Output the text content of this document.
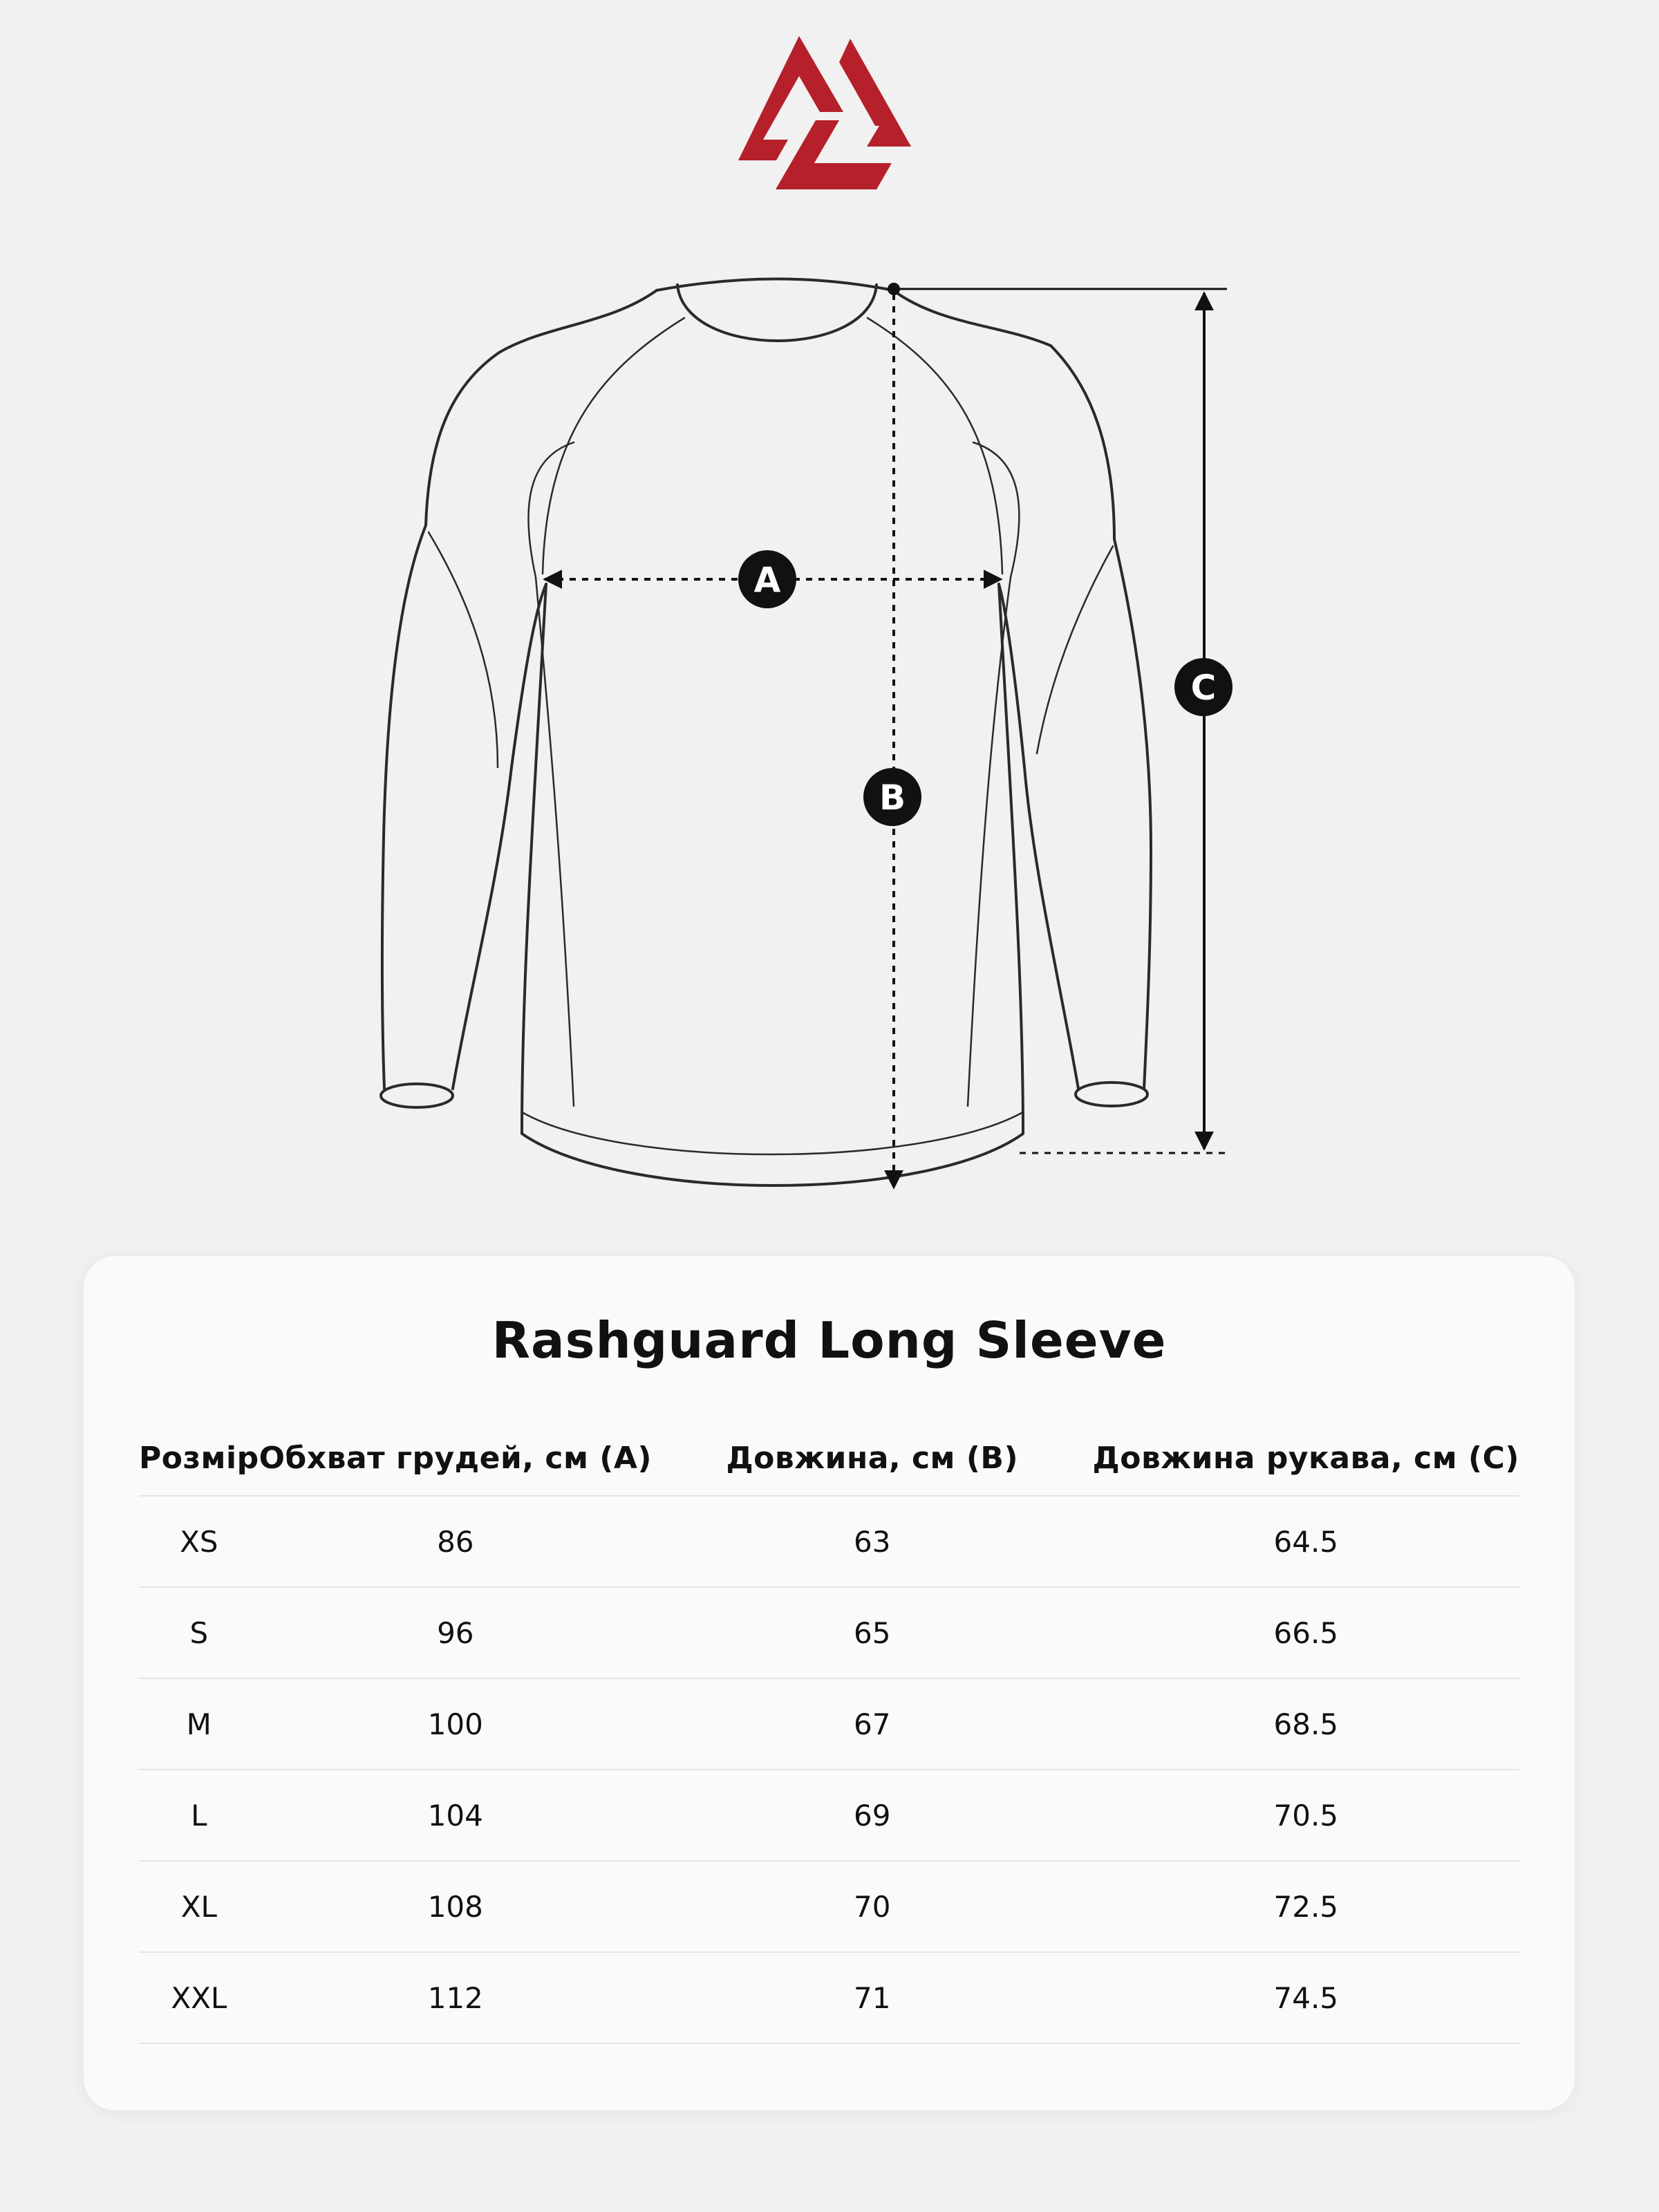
A
B
C
Rashguard Long Sleeve
Розмір	Обхват грудей, см (A)	Довжина, см (B)	Довжина рукава, см (C)
XS	86	63	64.5
S	96	65	66.5
M	100	67	68.5
L	104	69	70.5
XL	108	70	72.5
XXL	112	71	74.5
